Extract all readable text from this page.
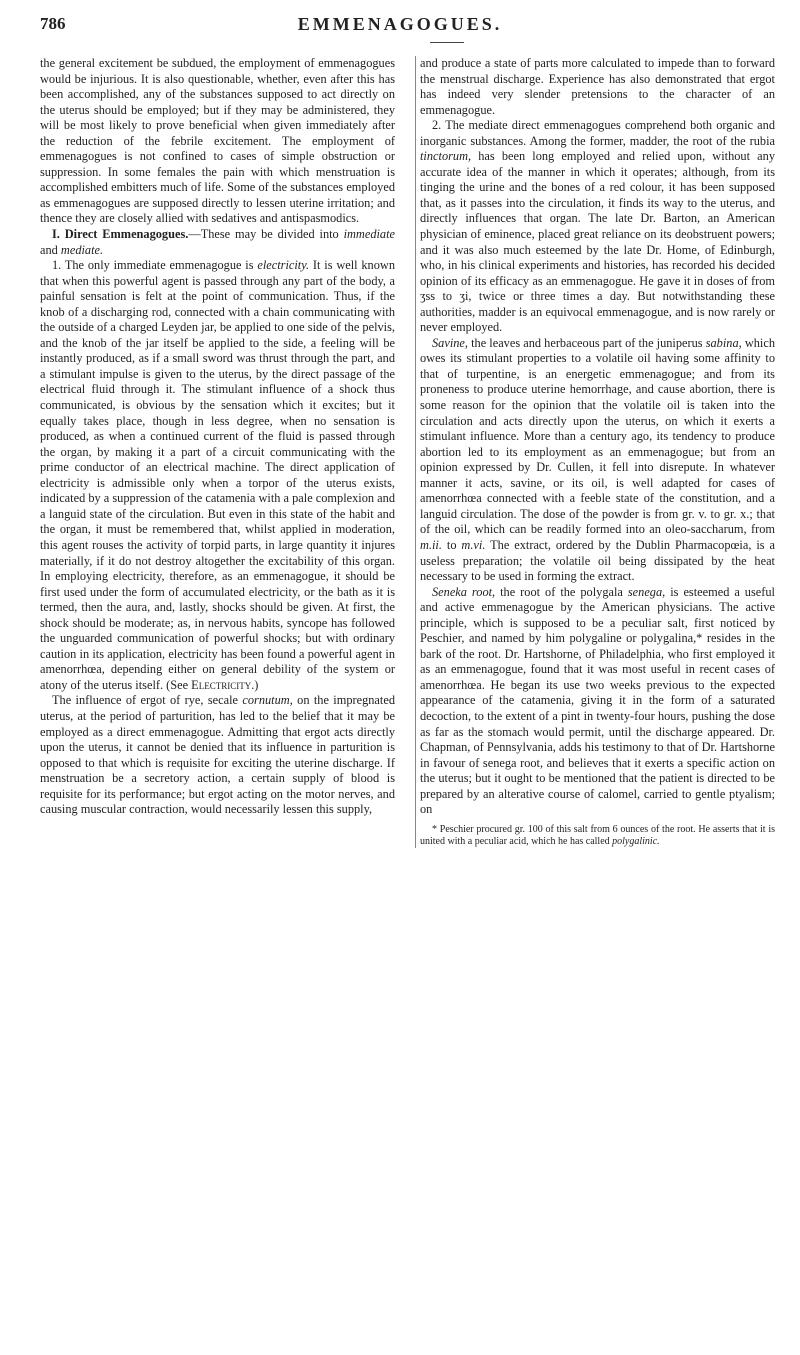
786	EMMENAGOGUES.

the general excitement be subdued, the employment of emmenagogues would be injurious. It is also questionable, whether, even after this has been accomplished, any of the substances supposed to act directly on the uterus should be employed; but if they may be administered, they will be most likely to prove beneficial when given immediately after the reduction of the febrile excitement. The employment of emmenagogues is not confined to cases of simple obstruction or suppression. In some females the pain with which menstruation is accomplished embitters much of life. Some of the substances employed as emmenagogues are supposed directly to lessen uterine irritation; and thence they are closely allied with sedatives and antispasmodics.

I. Direct Emmenagogues.—These may be divided into immediate and mediate.

1. The only immediate emmenagogue is electricity. It is well known that when this powerful agent is passed through any part of the body, a painful sensation is felt at the point of communication. Thus, if the knob of a discharging rod, connected with a chain communicating with the outside of a charged Leyden jar, be applied to one side of the pelvis, and the knob of the jar itself be applied to the side, a feeling will be instantly produced, as if a small sword was thrust through the part, and a stimulant impulse is given to the uterus, by the direct passage of the electrical fluid through it. The stimulant influence of a shock thus communicated, is obvious by the sensation which it excites; but it equally takes place, though in less degree, when no sensation is produced, as when a continued current of the fluid is passed through the organ, by making it a part of a circuit communicating with the prime conductor of an electrical machine. The direct application of electricity is admissible only when a torpor of the uterus exists, indicated by a suppression of the catamenia with a pale complexion and a languid state of the circulation. But even in this state of the habit and the organ, it must be remembered that, whilst applied in moderation, this agent rouses the activity of torpid parts, in large quantity it injures materially, if it do not destroy altogether the excitability of this organ. In employing electricity, therefore, as an emmenagogue, it should be first used under the form of accumulated electricity, or the bath as it is termed, then the aura, and, lastly, shocks should be given. At first, the shock should be moderate; as, in nervous habits, syncope has followed the unguarded communication of powerful shocks; but with ordinary caution in its application, electricity has been found a powerful agent in amenorrhœa, depending either on general debility of the system or atony of the uterus itself. (See Electricity.)

The influence of ergot of rye, secale cornutum, on the impregnated uterus, at the period of parturition, has led to the belief that it may be employed as a direct emmenagogue. Admitting that ergot acts directly upon the uterus, it cannot be denied that its influence in parturition is opposed to that which is requisite for exciting the uterine discharge. If menstruation be a secretory action, a certain supply of blood is requisite for its performance; but ergot acting on the motor nerves, and causing muscular contraction, would necessarily lessen this supply,

and produce a state of parts more calculated to impede than to forward the menstrual discharge. Experience has also demonstrated that ergot has indeed very slender pretensions to the character of an emmenagogue.

2. The mediate direct emmenagogues comprehend both organic and inorganic substances. Among the former, madder, the root of the rubia tinctorum, has been long employed and relied upon, without any accurate idea of the manner in which it operates; although, from its tinging the urine and the bones of a red colour, it has been supposed that, as it passes into the circulation, it finds its way to the uterus, and directly influences that organ. The late Dr. Barton, an American physician of eminence, placed great reliance on its deobstruent powers; and it was also much esteemed by the late Dr. Home, of Edinburgh, who, in his clinical experiments and histories, has recorded his decided opinion of its efficacy as an emmenagogue. He gave it in doses of from ʒss to ʒi, twice or three times a day. But notwithstanding these authorities, madder is an equivocal emmenagogue, and is now rarely or never employed.

Savine, the leaves and herbaceous part of the juniperus sabina, which owes its stimulant properties to a volatile oil having some affinity to that of turpentine, is an energetic emmenagogue; and from its proneness to produce uterine hemorrhage, and cause abortion, there is some reason for the opinion that the volatile oil is taken into the circulation and acts directly upon the uterus, on which it exerts a stimulant influence. More than a century ago, its tendency to produce abortion led to its employment as an emmenagogue; but from an opinion expressed by Dr. Cullen, it fell into disrepute. In whatever manner it acts, savine, or its oil, is well adapted for cases of amenorrhœa connected with a feeble state of the constitution, and a languid circulation. The dose of the powder is from gr. v. to gr. x.; that of the oil, which can be readily formed into an oleo-saccharum, from m.ii. to m.vi. The extract, ordered by the Dublin Pharmacopœia, is a useless preparation; the volatile oil being dissipated by the heat necessary to be used in forming the extract.

Seneka root, the root of the polygala senega, is esteemed a useful and active emmenagogue by the American physicians. The active principle, which is supposed to be a peculiar salt, first noticed by Peschier, and named by him polygaline or polygalina,* resides in the bark of the root. Dr. Hartshorne, of Philadelphia, who first employed it as an emmenagogue, found that it was most useful in recent cases of amenorrhœa. He began its use two weeks previous to the expected appearance of the catamenia, giving it in the form of a saturated decoction, to the extent of a pint in twenty-four hours, pushing the dose as far as the stomach would permit, until the discharge appeared. Dr. Chapman, of Pennsylvania, adds his testimony to that of Dr. Hartshorne in favour of senega root, and believes that it exerts a specific action on the uterus; but it ought to be mentioned that the patient is directed to be prepared by an alterative course of calomel, carried to gentle ptyalism; on

* Peschier procured gr. 100 of this salt from 6 ounces of the root. He asserts that it is united with a peculiar acid, which he has called polygalinic.
